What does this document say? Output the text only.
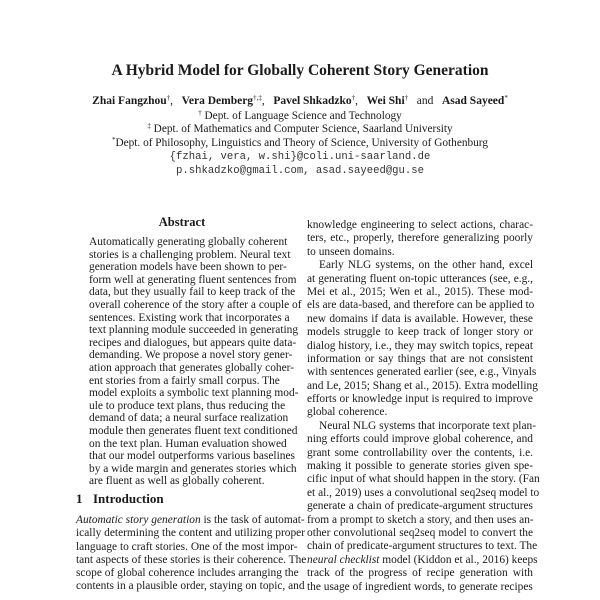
A Hybrid Model for Globally Coherent Story Generation
Zhai Fangzhou†,   Vera Demberg†,‡,   Pavel Shkadzko†,   Wei Shi† and Asad Sayeed*
† Dept. of Language Science and Technology
‡ Dept. of Mathematics and Computer Science, Saarland University
*Dept. of Philosophy, Linguistics and Theory of Science, University of Gothenburg
{fzhai, vera, w.shi}@coli.uni-saarland.de
p.shkadzko@gmail.com, asad.sayeed@gu.se
Abstract
Automatically generating globally coherent
stories is a challenging problem. Neural text
generation models have been shown to per-
form well at generating fluent sentences from
data, but they usually fail to keep track of the
overall coherence of the story after a couple of
sentences. Existing work that incorporates a
text planning module succeeded in generating
recipes and dialogues, but appears quite data-
demanding. We propose a novel story gener-
ation approach that generates globally coher-
ent stories from a fairly small corpus. The
model exploits a symbolic text planning mod-
ule to produce text plans, thus reducing the
demand of data; a neural surface realization
module then generates fluent text conditioned
on the text plan. Human evaluation showed
that our model outperforms various baselines
by a wide margin and generates stories which
are fluent as well as globally coherent.
1 Introduction
Automatic story generation is the task of automat-
ically determining the content and utilizing proper
language to craft stories. One of the most impor-
tant aspects of these stories is their coherence. The
scope of global coherence includes arranging the
contents in a plausible order, staying on topic, and
knowledge engineering to select actions, charac-
ters, etc., properly, therefore generalizing poorly
to unseen domains.
Early NLG systems, on the other hand, excel
at generating fluent on-topic utterances (see, e.g.,
Mei et al., 2015; Wen et al., 2015). These mod-
els are data-based, and therefore can be applied to
new domains if data is available. However, these
models struggle to keep track of longer story or
dialog history, i.e., they may switch topics, repeat
information or say things that are not consistent
with sentences generated earlier (see, e.g., Vinyals
and Le, 2015; Shang et al., 2015). Extra modelling
efforts or knowledge input is required to improve
global coherence.
Neural NLG systems that incorporate text plan-
ning efforts could improve global coherence, and
grant some controllability over the contents, i.e.
making it possible to generate stories given spe-
cific input of what should happen in the story. (Fan
et al., 2019) uses a convolutional seq2seq model to
generate a chain of predicate-argument structures
from a prompt to sketch a story, and then uses an-
other convolutional seq2seq model to convert the
chain of predicate-argument structures to text. The
neural checklist model (Kiddon et al., 2016) keeps
track of the progress of recipe generation with
the usage of ingredient words, to generate recipes
